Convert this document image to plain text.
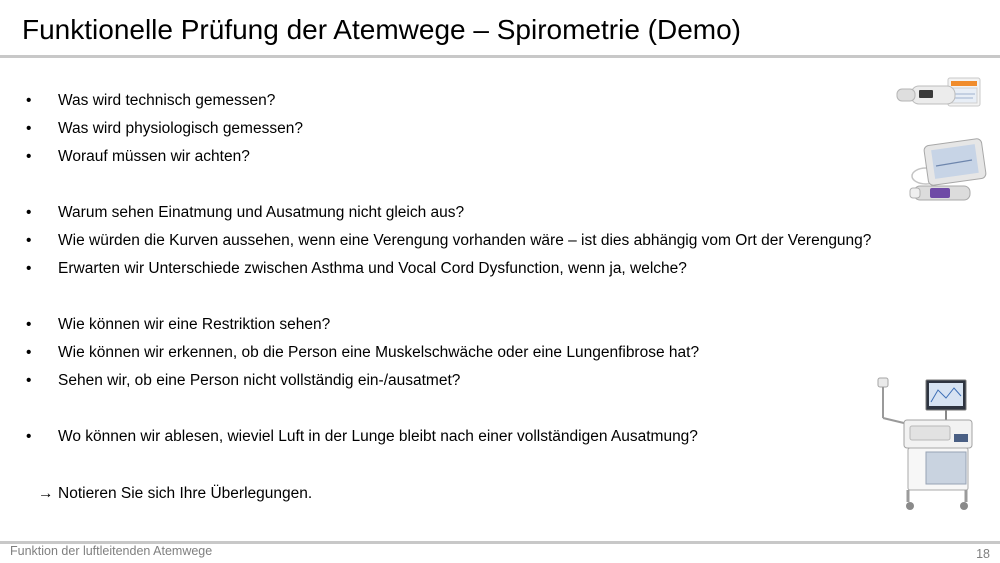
Funktionelle Prüfung der Atemwege – Spirometrie (Demo)
• Was wird technisch gemessen?
• Was wird physiologisch gemessen?
• Worauf müssen wir achten?
• Warum sehen Einatmung und Ausatmung nicht gleich aus?
• Wie würden die Kurven aussehen, wenn eine Verengung vorhanden wäre – ist dies abhängig vom Ort der Verengung?
• Erwarten wir Unterschiede zwischen Asthma und Vocal Cord Dysfunction, wenn ja, welche?
• Wie können wir eine Restriktion sehen?
• Wie können wir erkennen, ob die Person eine Muskelschwäche oder eine Lungenfibrose hat?
• Sehen wir, ob eine Person nicht vollständig ein-/ausatmet?
• Wo können wir ablesen, wieviel Luft in der Lunge bleibt nach einer vollständigen Ausatmung?
→ Notieren Sie sich Ihre Überlegungen.
Funktion der luftleitenden Atemwege	18
